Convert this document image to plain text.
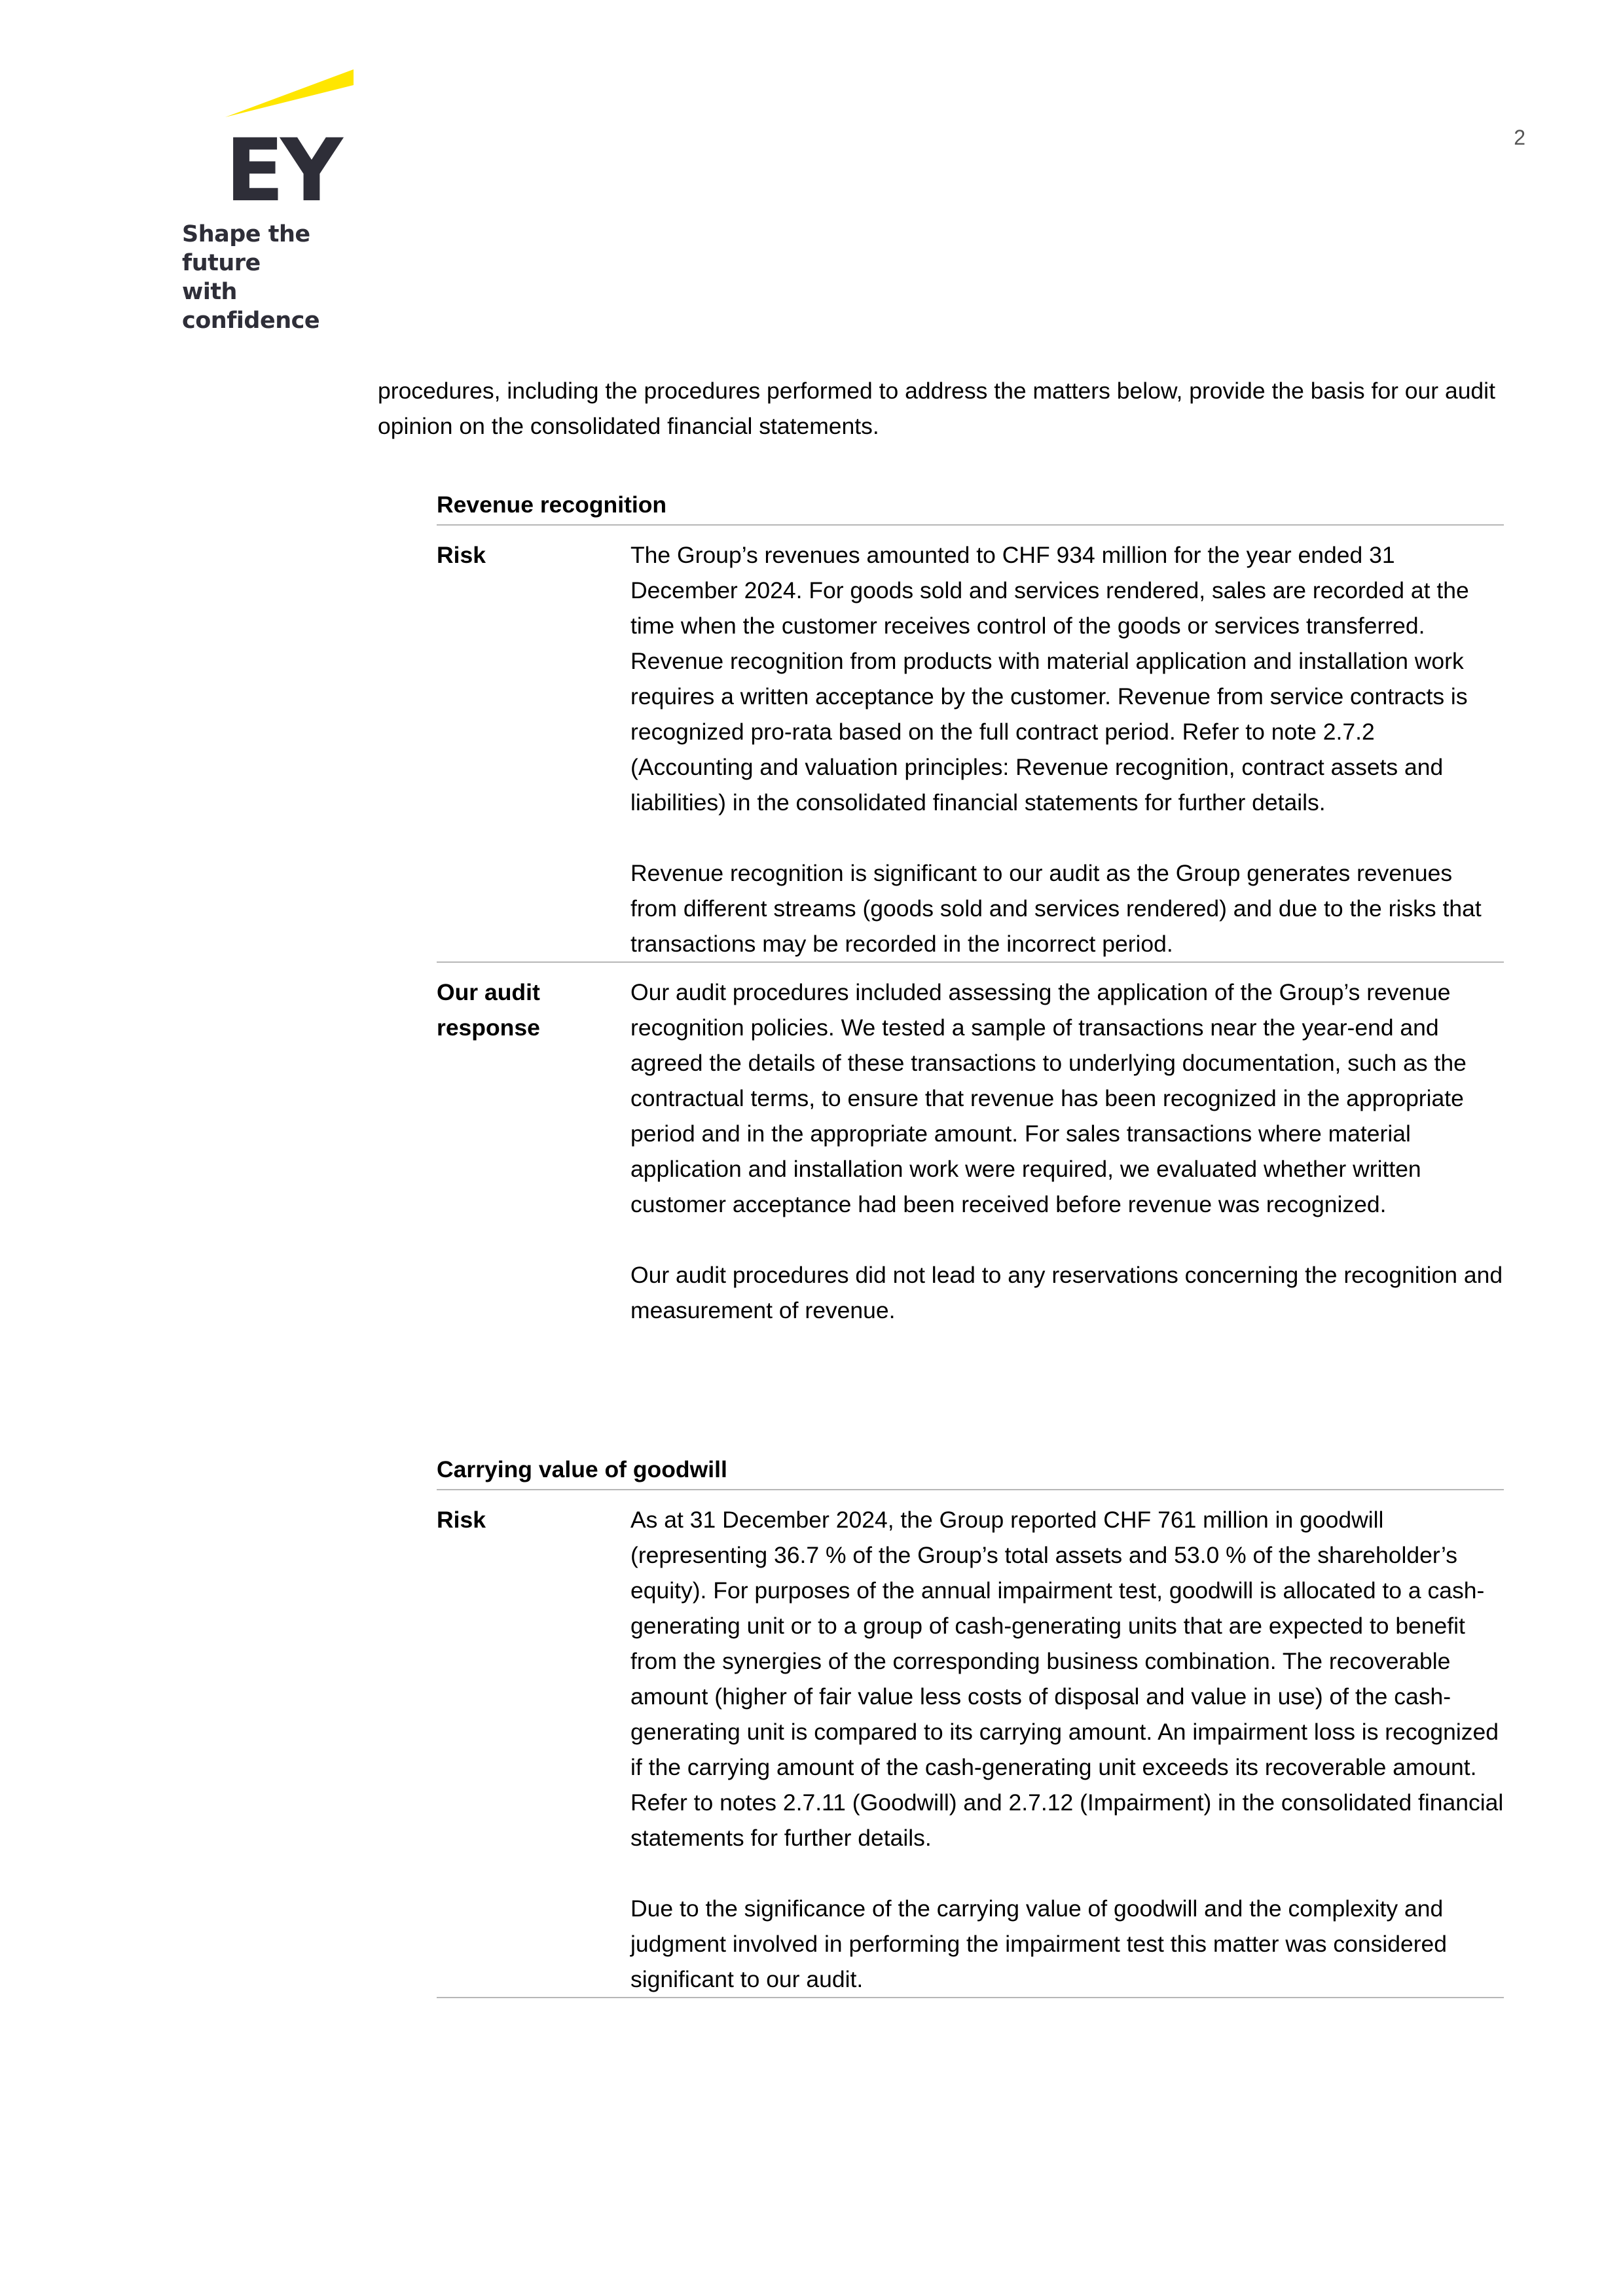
EY
Shape the future
with confidence
2

procedures, including the procedures performed to address the matters below, provide the basis for our audit opinion on the consolidated financial statements.

Revenue recognition
Risk	The Group’s revenues amounted to CHF 934 million for the year ended 31 December 2024. For goods sold and services rendered, sales are recorded at the time when the customer receives control of the goods or services transferred. Revenue recognition from products with material application and installation work requires a written acceptance by the customer. Revenue from service contracts is recognized pro-rata based on the full contract period. Refer to note 2.7.2 (Accounting and valuation principles: Revenue recognition, contract assets and liabilities) in the consolidated financial statements for further details.

Revenue recognition is significant to our audit as the Group generates revenues from different streams (goods sold and services rendered) and due to the risks that transactions may be recorded in the incorrect period.

Our audit response

Our audit procedures included assessing the application of the Group’s revenue recognition policies. We tested a sample of transactions near the year-end and agreed the details of these transactions to underlying documentation, such as the contractual terms, to ensure that revenue has been recognized in the appropriate period and in the appropriate amount. For sales transactions where material application and installation work were required, we evaluated whether written customer acceptance had been received before revenue was recognized.

Our audit procedures did not lead to any reservations concerning the recognition and measurement of revenue.

Carrying value of goodwill
Risk	As at 31 December 2024, the Group reported CHF 761 million in goodwill (representing 36.7 % of the Group’s total assets and 53.0 % of the shareholder’s equity). For purposes of the annual impairment test, goodwill is allocated to a cash-generating unit or to a group of cash-generating units that are expected to benefit from the synergies of the corresponding business combination. The recoverable amount (higher of fair value less costs of disposal and value in use) of the cash-generating unit is compared to its carrying amount. An impairment loss is recognized if the carrying amount of the cash-generating unit exceeds its recoverable amount. Refer to notes 2.7.11 (Goodwill) and 2.7.12 (Impairment) in the consolidated financial statements for further details.

Due to the significance of the carrying value of goodwill and the complexity and judgment involved in performing the impairment test this matter was considered significant to our audit.
